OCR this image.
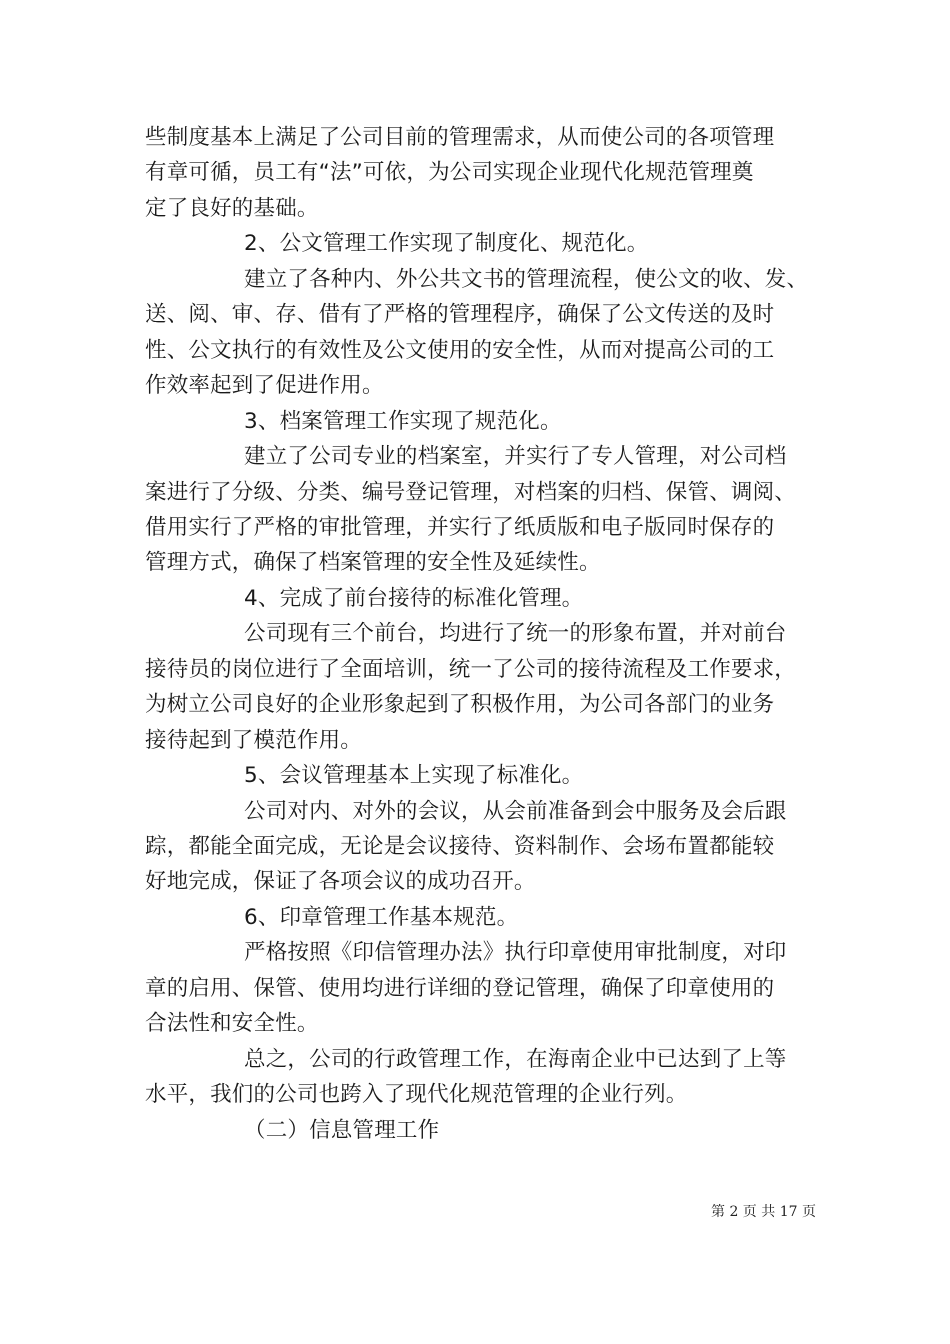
些制度基本上满足了公司目前的管理需求，从而使公司的各项管理
有章可循，员工有“法”可依，为公司实现企业现代化规范管理奠
定了良好的基础。
2、公文管理工作实现了制度化、规范化。
建立了各种内、外公共文书的管理流程，使公文的收、发、
送、阅、审、存、借有了严格的管理程序，确保了公文传送的及时
性、公文执行的有效性及公文使用的安全性，从而对提高公司的工
作效率起到了促进作用。
3、档案管理工作实现了规范化。
建立了公司专业的档案室，并实行了专人管理，对公司档
案进行了分级、分类、编号登记管理，对档案的归档、保管、调阅、
借用实行了严格的审批管理，并实行了纸质版和电子版同时保存的
管理方式，确保了档案管理的安全性及延续性。
4、完成了前台接待的标准化管理。
公司现有三个前台，均进行了统一的形象布置，并对前台
接待员的岗位进行了全面培训，统一了公司的接待流程及工作要求，
为树立公司良好的企业形象起到了积极作用，为公司各部门的业务
接待起到了模范作用。
5、会议管理基本上实现了标准化。
公司对内、对外的会议，从会前准备到会中服务及会后跟
踪，都能全面完成，无论是会议接待、资料制作、会场布置都能较
好地完成，保证了各项会议的成功召开。
6、印章管理工作基本规范。
严格按照《印信管理办法》执行印章使用审批制度，对印
章的启用、保管、使用均进行详细的登记管理，确保了印章使用的
合法性和安全性。
总之，公司的行政管理工作，在海南企业中已达到了上等
水平，我们的公司也跨入了现代化规范管理的企业行列。
（二）信息管理工作
第 2 页 共 17 页
